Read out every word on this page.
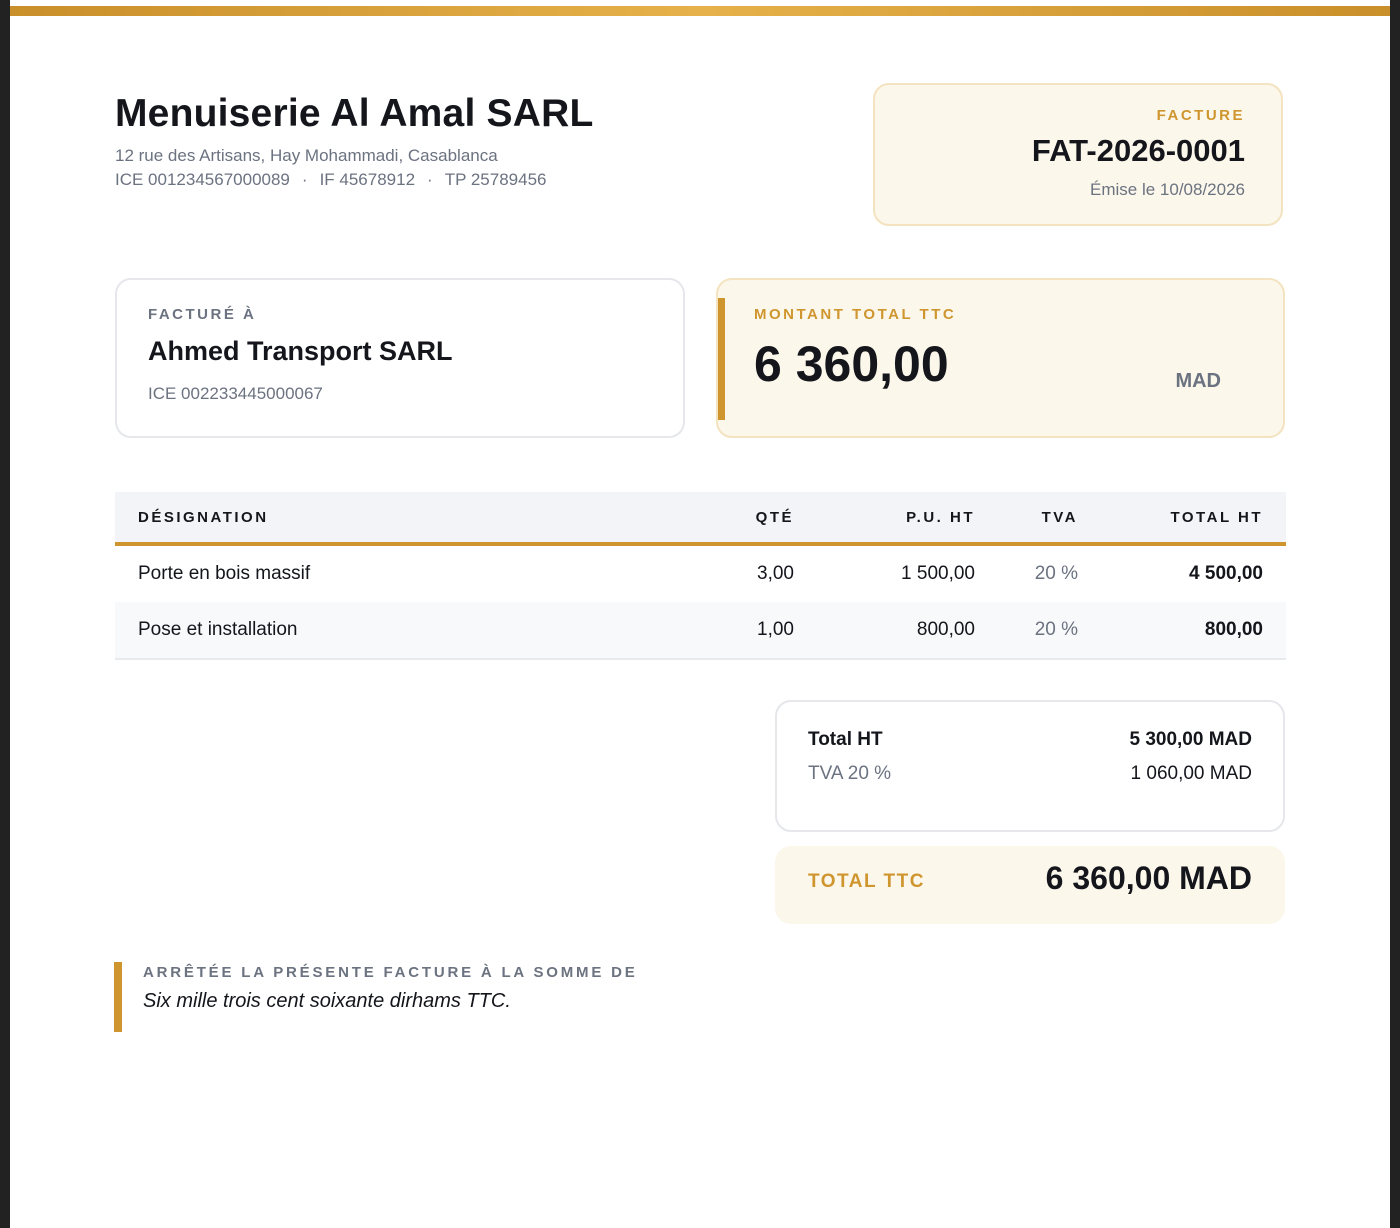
Menuiserie Al Amal SARL
12 rue des Artisans, Hay Mohammadi, Casablanca
ICE 001234567000089 · IF 45678912 · TP 25789456
FACTURE
FAT-2026-0001
Émise le 10/08/2026
FACTURÉ À
Ahmed Transport SARL
ICE 002233445000067
MONTANT TOTAL TTC
6 360,00	MAD
DÉSIGNATION	QTÉ	P.U. HT	TVA	TOTAL HT
Porte en bois massif	3,00	1 500,00	20 %	4 500,00
Pose et installation	1,00	800,00	20 %	800,00
Total HT	5 300,00 MAD
TVA 20 %	1 060,00 MAD
TOTAL TTC	6 360,00 MAD
ARRÊTÉE LA PRÉSENTE FACTURE À LA SOMME DE
Six mille trois cent soixante dirhams TTC.
